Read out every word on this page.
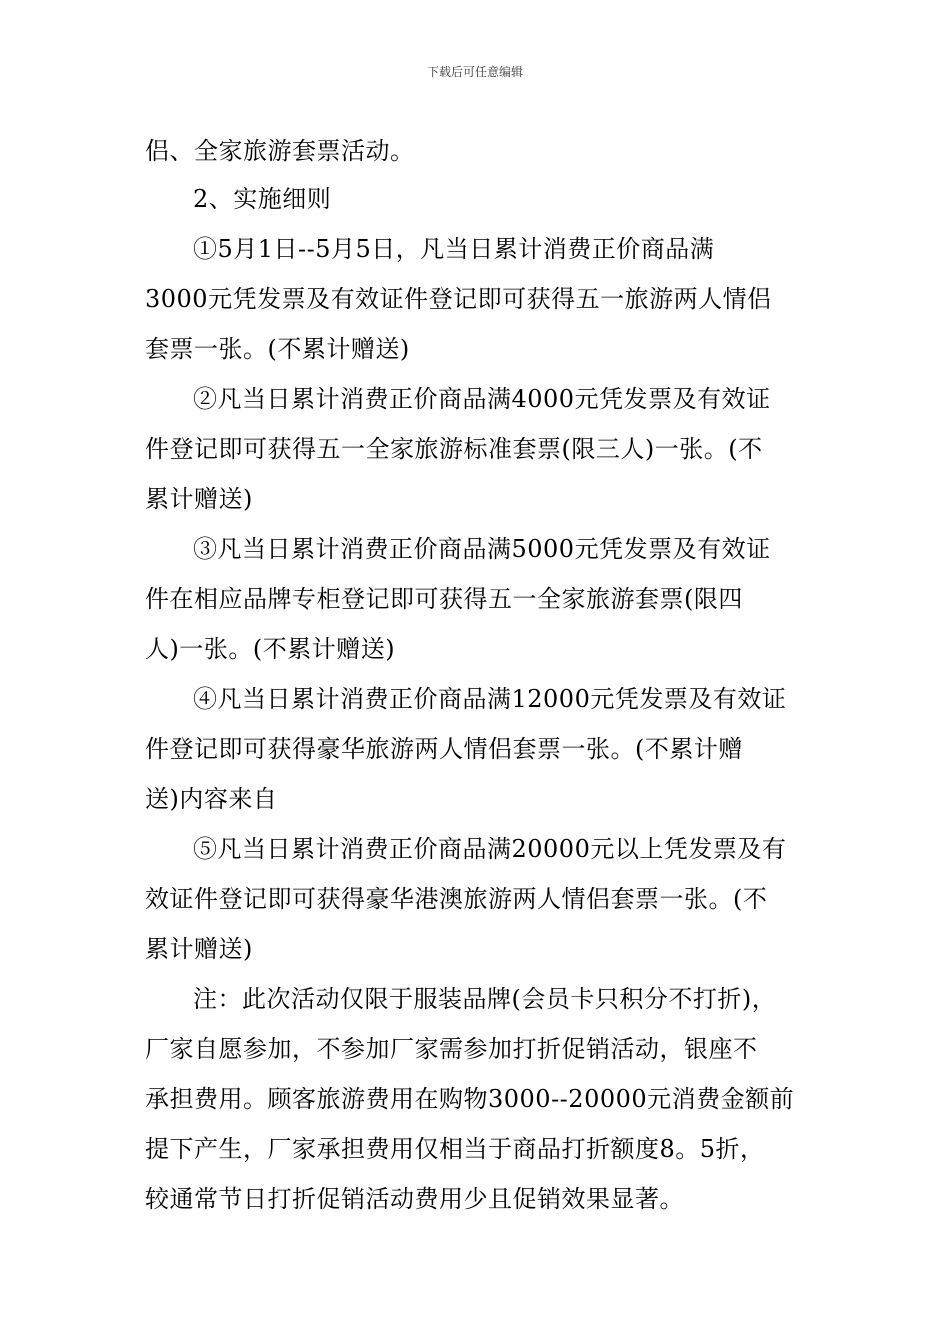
下载后可任意编辑
侣、全家旅游套票活动。
2、实施细则
①5月1日--5月5日，凡当日累计消费正价商品满
3000元凭发票及有效证件登记即可获得五一旅游两人情侣
套票一张。(不累计赠送)
②凡当日累计消费正价商品满4000元凭发票及有效证
件登记即可获得五一全家旅游标准套票(限三人)一张。(不
累计赠送)
③凡当日累计消费正价商品满5000元凭发票及有效证
件在相应品牌专柜登记即可获得五一全家旅游套票(限四
人)一张。(不累计赠送)
④凡当日累计消费正价商品满12000元凭发票及有效证
件登记即可获得豪华旅游两人情侣套票一张。(不累计赠
送)内容来自
⑤凡当日累计消费正价商品满20000元以上凭发票及有
效证件登记即可获得豪华港澳旅游两人情侣套票一张。(不
累计赠送)
注：此次活动仅限于服装品牌(会员卡只积分不打折)，
厂家自愿参加，不参加厂家需参加打折促销活动，银座不
承担费用。顾客旅游费用在购物3000--20000元消费金额前
提下产生，厂家承担费用仅相当于商品打折额度8。5折，
较通常节日打折促销活动费用少且促销效果显著。
